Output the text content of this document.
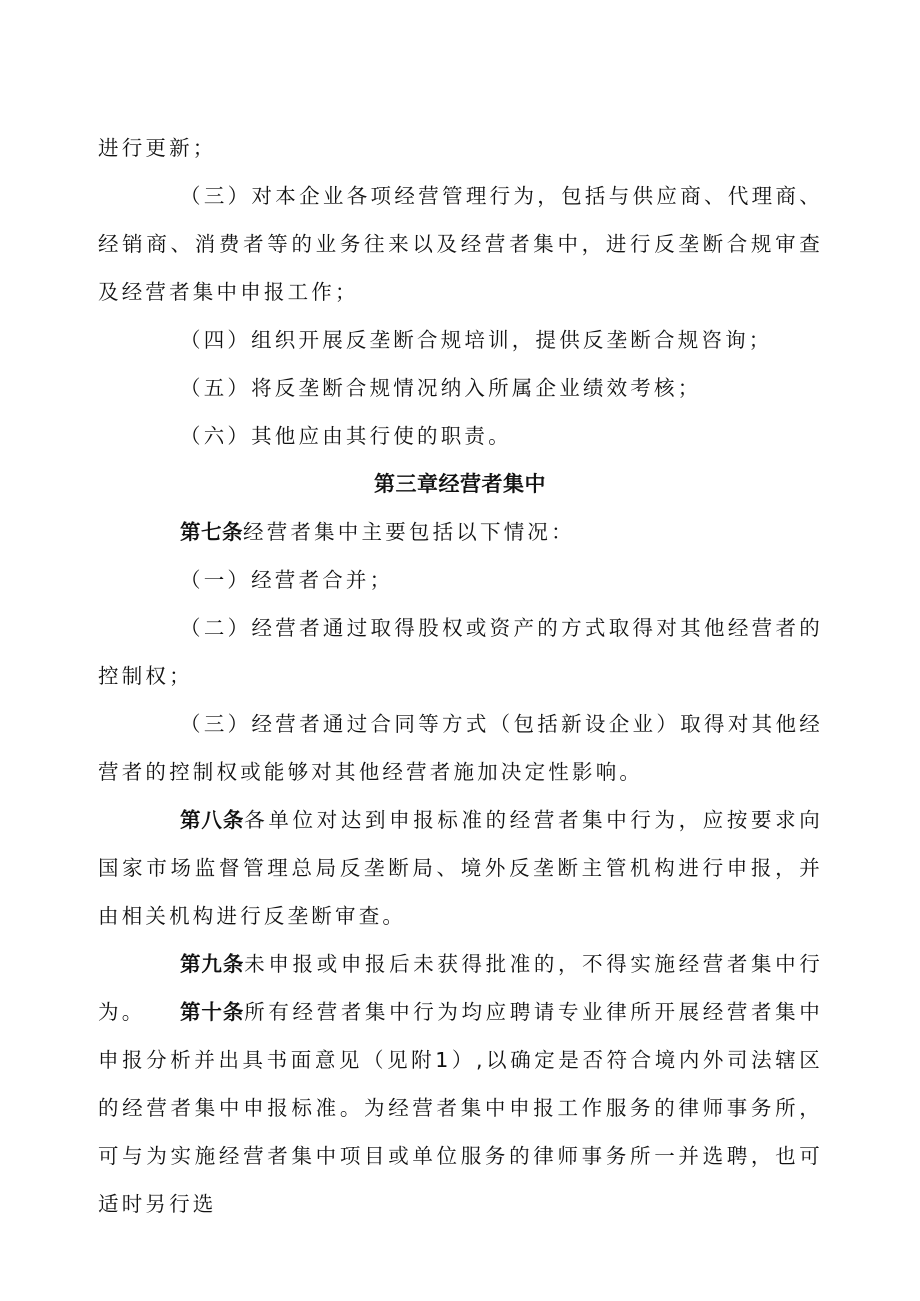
进行更新；

（三）对本企业各项经营管理行为，包括与供应商、代理商、经销商、消费者等的业务往来以及经营者集中，进行反垄断合规审查及经营者集中申报工作；

（四）组织开展反垄断合规培训，提供反垄断合规咨询；

（五）将反垄断合规情况纳入所属企业绩效考核；

（六）其他应由其行使的职责。

第三章经营者集中

第七条经营者集中主要包括以下情况：

（一）经营者合并；

（二）经营者通过取得股权或资产的方式取得对其他经营者的控制权；

（三）经营者通过合同等方式（包括新设企业）取得对其他经营者的控制权或能够对其他经营者施加决定性影响。

第八条各单位对达到申报标准的经营者集中行为，应按要求向国家市场监督管理总局反垄断局、境外反垄断主管机构进行申报，并由相关机构进行反垄断审查。

第九条未申报或申报后未获得批准的，不得实施经营者集中行为。	第十条所有经营者集中行为均应聘请专业律所开展经营者集中申报分析并出具书面意见（见附1）,以确定是否符合境内外司法辖区的经营者集中申报标准。为经营者集中申报工作服务的律师事务所，可与为实施经营者集中项目或单位服务的律师事务所一并选聘，也可适时另行选
